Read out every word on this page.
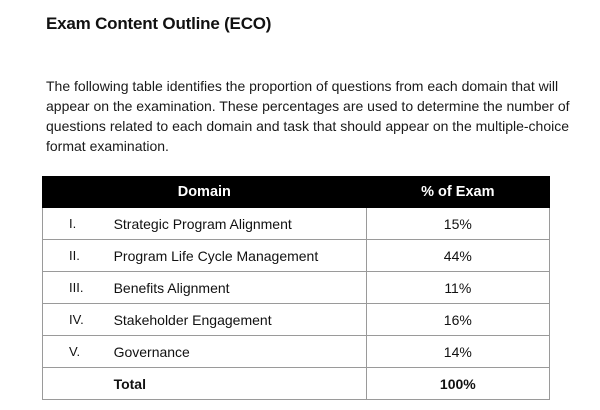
Exam Content Outline (ECO)

The following table identifies the proportion of questions from each domain that will appear on the examination. These percentages are used to determine the number of questions related to each domain and task that should appear on the multiple-choice format examination.

Domain		% of Exam
I.	Strategic Program Alignment	15%
II.	Program Life Cycle Management	44%
III.	Benefits Alignment	11%
IV.	Stakeholder Engagement	16%
V.	Governance	14%
	Total	100%
